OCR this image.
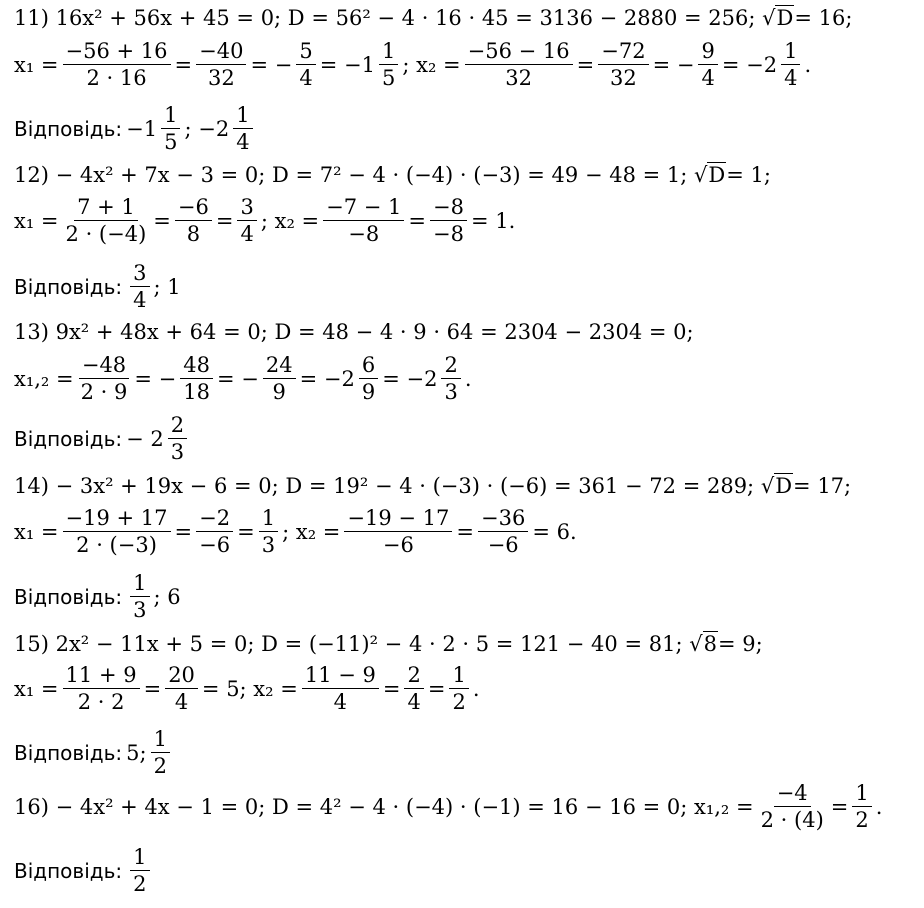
11) 16x² + 56x + 45 = 0; D = 56² − 4 · 16 · 45 = 3136 − 2880 = 256; √D = 16;
$x_1 = \frac{-56 + 16}{2 \cdot 16} = \frac{-40}{32}$ = − $\frac{5}{4} = -1 \frac{1}{5}$ ; $x_2 = \frac{-56 - 16}{32} = \frac{-72}{32}$ = − $\frac{9}{4} = -2 \frac{1}{4}$ .
Відповідь: $-1 \frac{1}{5}$ ; $-2 \frac{1}{4}$
12) − 4x² + 7x − 3 = 0; D = 7² − 4 · (−4) · (−3) = 49 − 48 = 1; √D = 1;
$x_1 = \frac{7 + 1}{2 \cdot (-4)} = \frac{-6}{8} = \frac{3}{4}$ ; $x_2 = \frac{-7 - 1}{-8} = \frac{-8}{-8} = 1$.
Відповідь: $\frac{3}{4}$ ; 1
13) 9x² + 48x + 64 = 0; D = 48 − 4 · 9 · 64 = 2304 − 2304 = 0;
$x_1,_2 = \frac{-48}{2 \cdot 9}$ = − $\frac{48}{18}$ = − $\frac{24}{9} = -2 \frac{6}{9} = -2 \frac{2}{3}$ .
Відповідь: − $2 \frac{2}{3}$
14) − 3x² + 19x − 6 = 0; D = 19² − 4 · (−3) · (−6) = 361 − 72 = 289; √D = 17;
$x_1 = \frac{-19 + 17}{2 \cdot (-3)} = \frac{-2}{-6} = \frac{1}{3}$ ; $x_2 = \frac{-19 - 17}{-6} = \frac{-36}{-6} = 6$.
Відповідь: $\frac{1}{3}$ ; 6
15) 2x² − 11x + 5 = 0; D = (−11)² − 4 · 2 · 5 = 121 − 40 = 81; √8 = 9;
$x_1 = \frac{11 + 9}{2 \cdot 2} = \frac{20}{4} = 5$; $x_2 = \frac{11 - 9}{4} = \frac{2}{4} = \frac{1}{2}$ .
Відповідь: 5; $\frac{1}{2}$
16) − 4x² + 4x − 1 = 0; D = 4² − 4 · (−4) · (−1) = 16 − 16 = 0; $x_1,_2 = \frac{-4}{2 \cdot (4)} = \frac{1}{2}$ .
Відповідь: $\frac{1}{2}$
